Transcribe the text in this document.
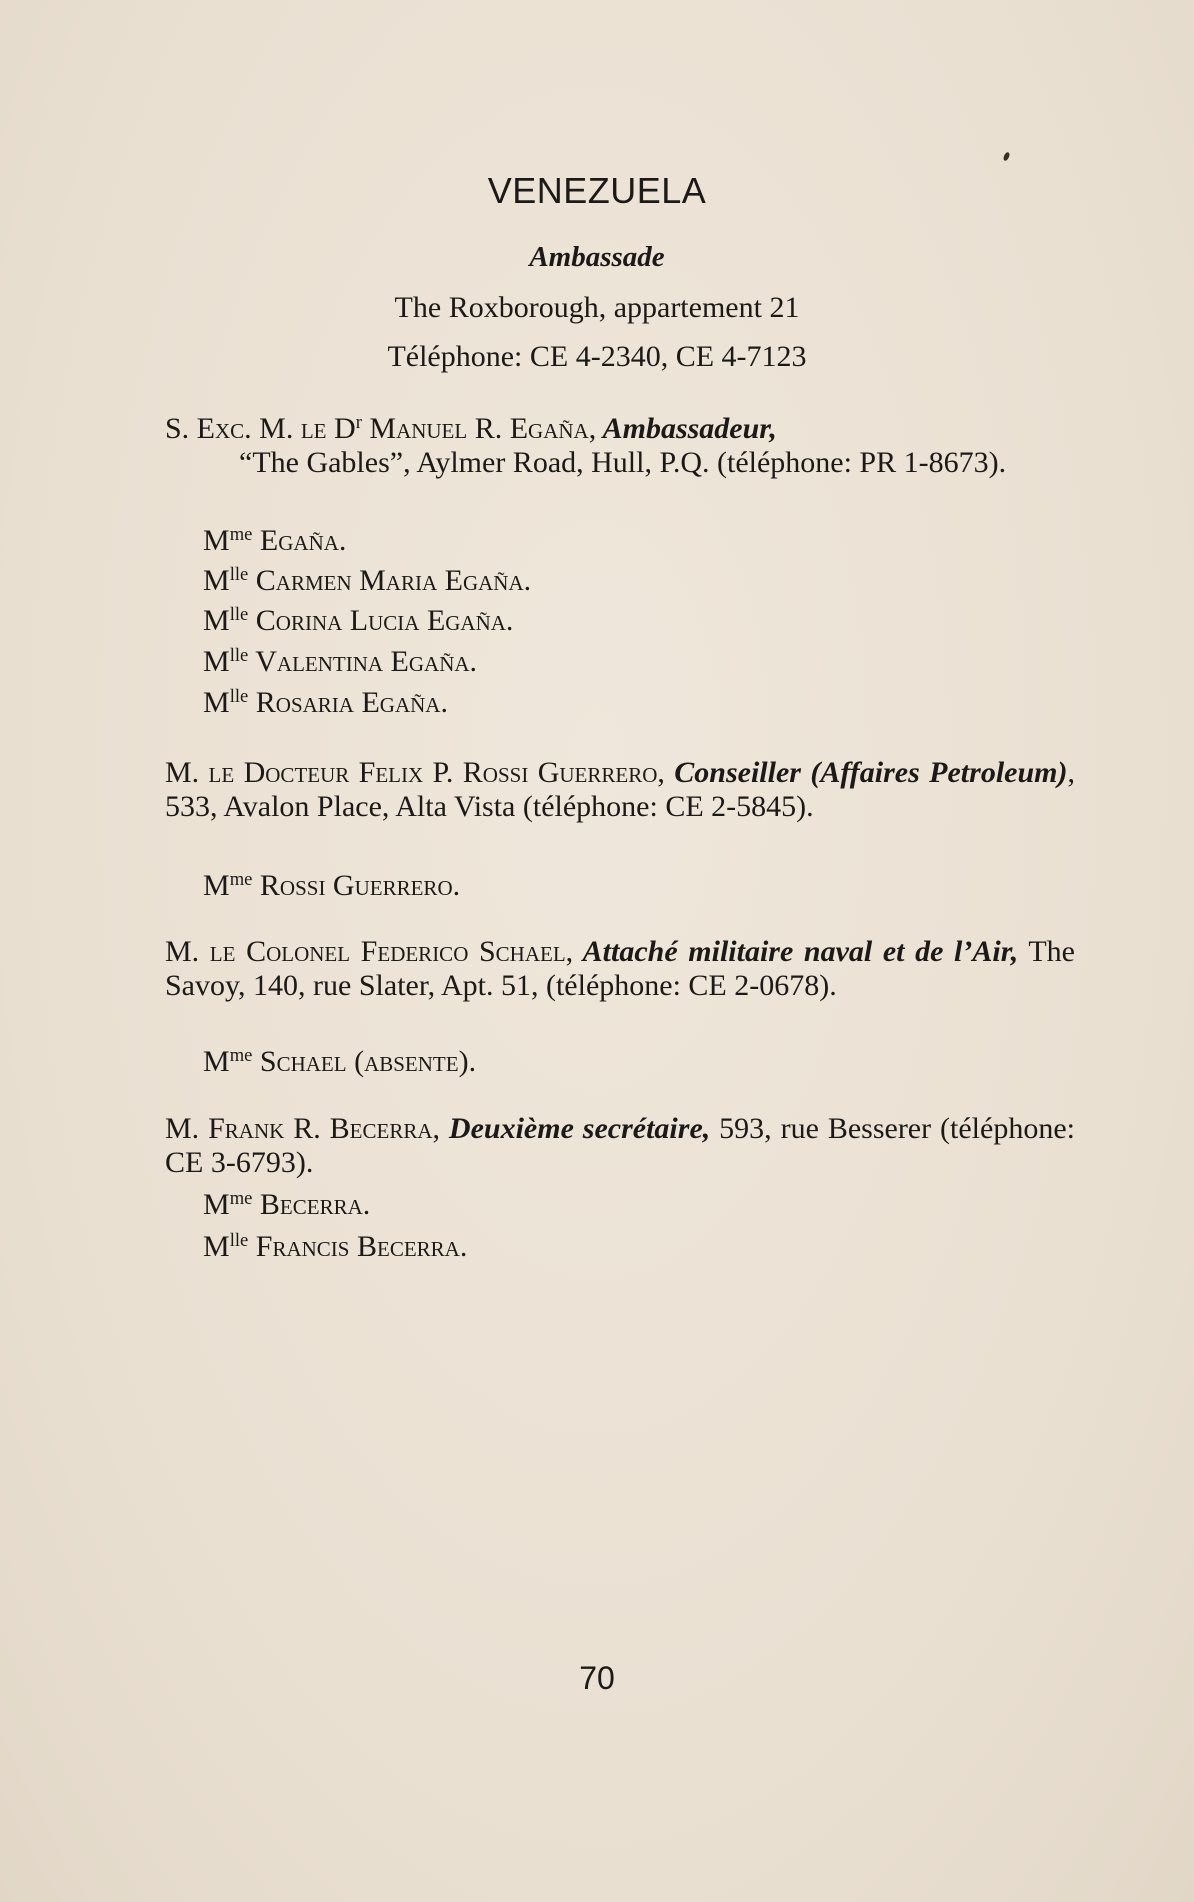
VENEZUELA
Ambassade
The Roxborough, appartement 21
Téléphone: CE 4-2340, CE 4-7123
S. Exc. M. le $D^r$ Manuel R. Egaña, Ambassadeur,
“The Gables”, Aylmer Road, Hull, P.Q. (téléphone: PR 1-8673).
$M^{me}$ Egaña.
$M^{lle}$ Carmen Maria Egaña.
$M^{lle}$ Corina Lucia Egaña.
$M^{lle}$ Valentina Egaña.
$M^{lle}$ Rosaria Egaña.
M. le Docteur Felix P. Rossi Guerrero, Conseiller (Affaires Petroleum), 533, Avalon Place, Alta Vista (téléphone: CE 2-5845).
$M^{me}$ Rossi Guerrero.
M. le Colonel Federico Schael, Attaché militaire naval et de l’Air, The Savoy, 140, rue Slater, Apt. 51, (téléphone: CE 2-0678).
$M^{me}$ Schael (absente).
M. Frank R. Becerra, Deuxième secrétaire, 593, rue Besserer (téléphone: CE 3-6793).
$M^{me}$ Becerra.
$M^{lle}$ Francis Becerra.
70
